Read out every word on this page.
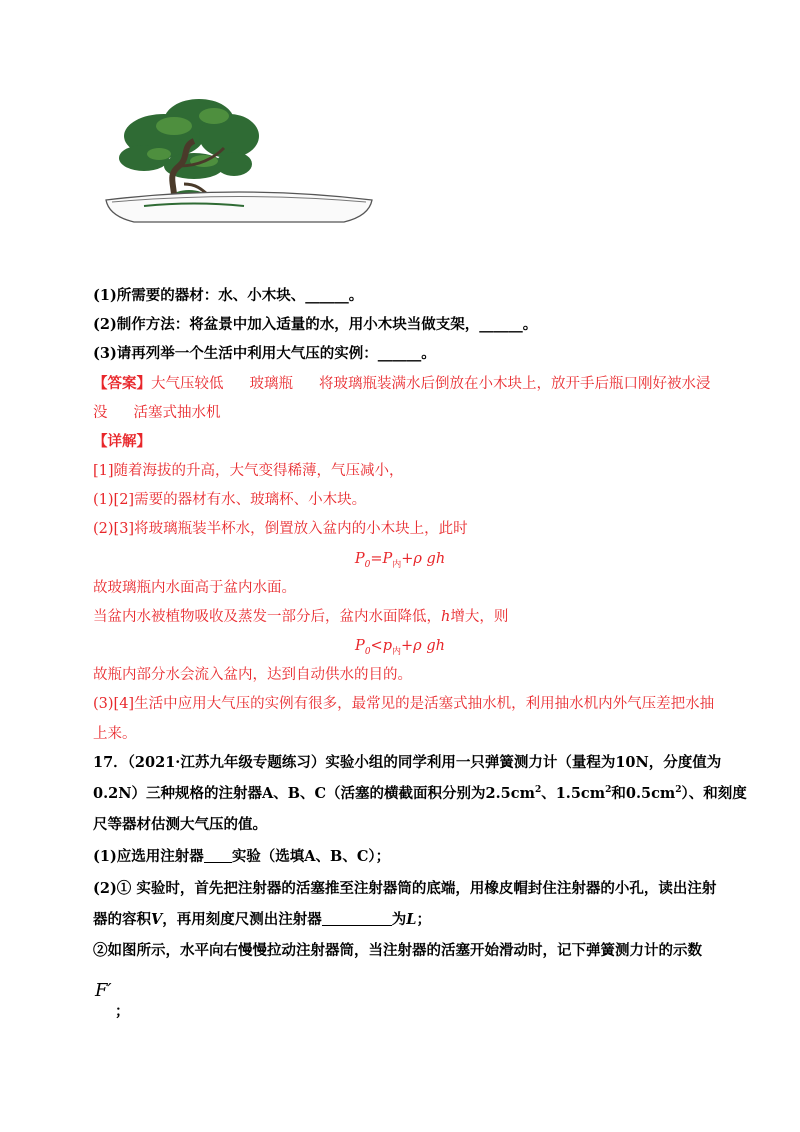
(1)所需要的器材：水、小木块、______。
(2)制作方法：将盆景中加入适量的水，用小木块当做支架，______。
(3)请再列举一个生活中利用大气压的实例：______。
【答案】大气压较低 玻璃瓶 将玻璃瓶装满水后倒放在小木块上，放开手后瓶口刚好被水浸
没 活塞式抽水机
【详解】
[1]随着海拔的升高，大气变得稀薄，气压减小，
(1)[2]需要的器材有水、玻璃杯、小木块。
(2)[3]将玻璃瓶装半杯水，倒置放入盆内的小木块上，此时
$P_0=P_内+\rho$ gh
故玻璃瓶内水面高于盆内水面。
当盆内水被植物吸收及蒸发一部分后，盆内水面降低，h增大，则
$P_0<p_内+\rho$ gh
故瓶内部分水会流入盆内，达到自动供水的目的。
(3)[4]生活中应用大气压的实例有很多，最常见的是活塞式抽水机，利用抽水机内外气压差把水抽
上来。
17．（2021·江苏九年级专题练习）实验小组的同学利用一只弹簧测力计（量程为10N，分度值为
0.2N）三种规格的注射器A、B、C（活塞的横截面积分别为$2.5cm^2$、$1.5cm^2$和$0.5cm^2$）、和刻度
尺等器材估测大气压的值。
(1)应选用注射器 实验（选填A、B、C）；
(2)① 实验时，首先把注射器的活塞推至注射器筒的底端，用橡皮帽封住注射器的小孔，读出注射
器的容积V，再用刻度尺测出注射器	为L；
②如图所示，水平向右慢慢拉动注射器筒，当注射器的活塞开始滑动时，记下弹簧测力计的示数
F′
；
